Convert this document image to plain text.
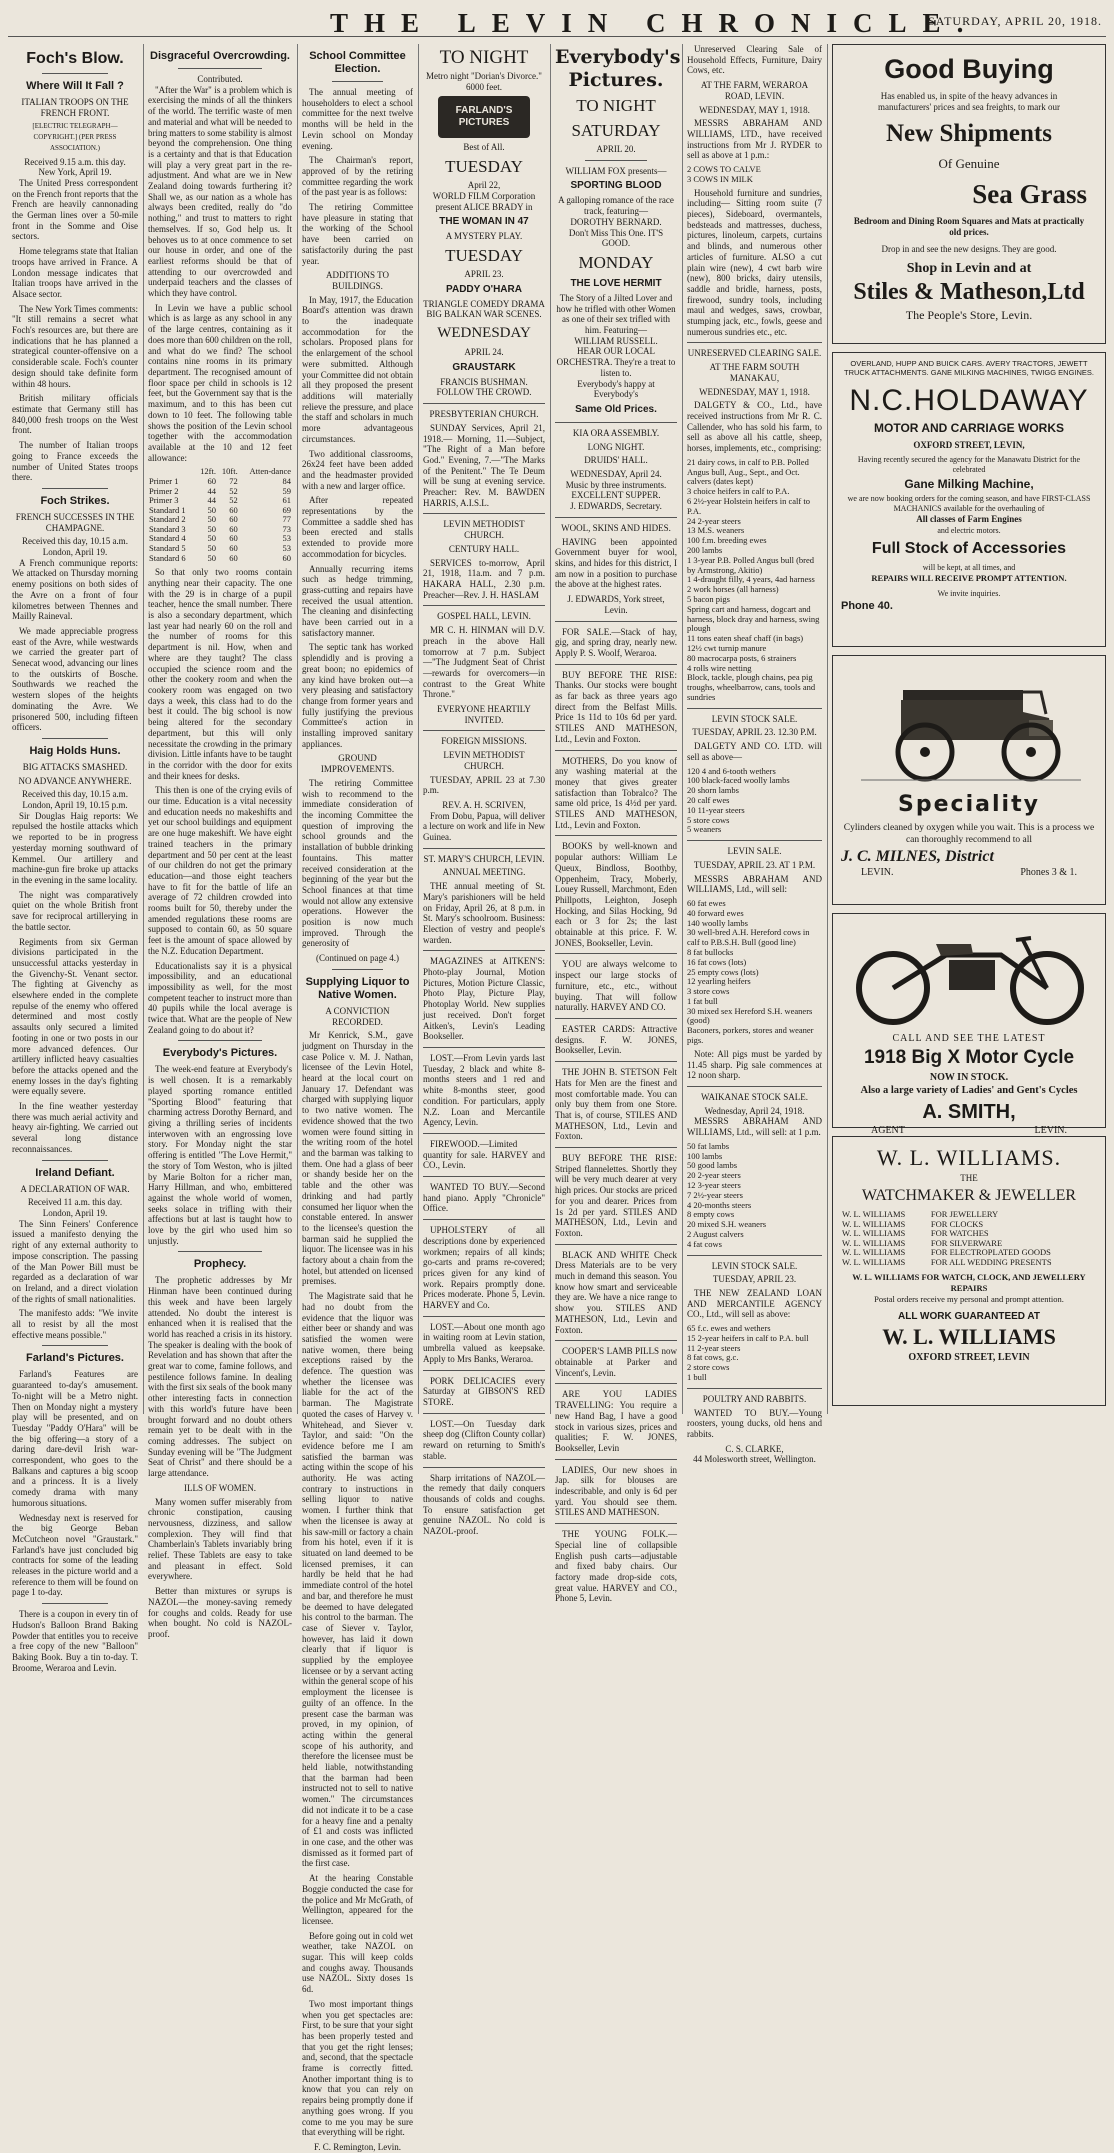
THE LEVIN CHRONICLE.
SATURDAY, APRIL 20, 1918.
Foch's Blow.
Where Will It Fall ?
ITALIAN TROOPS ON THE FRENCH FRONT.
[ELECTRIC TELEGRAPH—COPYRIGHT.] (PER PRESS ASSOCIATION.)
Received 9.15 a.m. this day.
New York, April 19.

The United Press correspondent on the French front reports that the French are heavily cannonading the German lines over a 50-mile front in the Somme and Oise sectors.

Home telegrams state that Italian troops have arrived in France. A London message indicates that Italian troops have arrived in the Alsace sector.

The New York Times comments: "It still remains a secret what Foch's resources are, but there are indications that he has planned a strategical counter-offensive on a considerable scale. Foch's counter design should take definite form within 48 hours.

British military officials estimate that Germany still has 840,000 fresh troops on the West front.

The number of Italian troops going to France exceeds the number of United States troops there.

Foch Strikes.
FRENCH SUCCESSES IN THE CHAMPAGNE.
Received this day, 10.15 a.m.
London, April 19.

A French communique reports: We attacked on Thursday morning enemy positions on both sides of the Avre on a front of four kilometres between Thennes and Mailly Raineval.

We made appreciable progress east of the Avre, while westwards we carried the greater part of Senecat wood, advancing our lines to the outskirts of Bosche. Southwards we reached the western slopes of the heights dominating the Avre. We prisonered 500, including fifteen officers.

Haig Holds Huns.
BIG ATTACKS SMASHED.
NO ADVANCE ANYWHERE.
Received this day, 10.15 a.m.
London, April 19, 10.15 p.m.

Sir Douglas Haig reports: We repulsed the hostile attacks which we reported to be in progress yesterday morning southward of Kemmel. Our artillery and machine-gun fire broke up attacks in the evening in the same locality.

The night was comparatively quiet on the whole British front save for reciprocal artillerying in the battle sector.

Regiments from six German divisions participated in the unsuccessful attacks yesterday in the Givenchy-St. Venant sector. The fighting at Givenchy as elsewhere ended in the complete repulse of the enemy who offered determined and most costly assaults only secured a limited footing in one or two posts in our more advanced defences. Our artillery inflicted heavy casualties before the attacks opened and the enemy losses in the day's fighting were equally severe.

In the fine weather yesterday there was much aerial activity and heavy air-fighting. We carried out several long distance reconnaissances.

Ireland Defiant.
A DECLARATION OF WAR.
Received 11 a.m. this day.
London, April 19.

The Sinn Feiners' Conference issued a manifesto denying the right of any external authority to impose conscription. The passing of the Man Power Bill must be regarded as a declaration of war on Ireland, and a direct violation of the rights of small nationalities.

The manifesto adds: "We invite all to resist by all the most effective means possible."

Farland's Pictures.

Farland's Features are guaranteed to-day's amusement. To-night will be a Metro night. Then on Monday night a mystery play will be presented, and on Tuesday "Paddy O'Hara" will be the big offering—a story of a daring dare-devil Irish war-correspondent, who goes to the Balkans and captures a big scoop and a princess. It is a lively comedy drama with many humorous situations.

Wednesday next is reserved for the big George Beban McCutcheon novel "Graustark." Farland's have just concluded big contracts for some of the leading releases in the picture world and a reference to them will be found on page 1 to-day.

There is a coupon in every tin of Hudson's Balloon Brand Baking Powder that entitles you to receive a free copy of the new "Balloon" Baking Book. Buy a tin to-day. T. Broome, Weraroa and Levin.

Disgraceful Overcrowding.
Contributed.

"After the War" is a problem which is exercising the minds of all the thinkers of the world. The terrific waste of men and material and what will be needed to bring matters to some stability is almost beyond the comprehension. One thing is a certainty and that is that Education will play a very great part in the re-adjustment. And what are we in New Zealand doing towards furthering it? Shall we, as our nation as a whole has always been credited, really do "do nothing," and trust to matters to right themselves. If so, God help us. It behoves us to at once commence to set our house in order, and one of the earliest reforms should be that of attending to our overcrowded and underpaid teachers and the classes of which they have control.

In Levin we have a public school which is as large as any school in any of the large centres, containing as it does more than 600 children on the roll, and what do we find? The school contains nine rooms in its primary department. The recognised amount of floor space per child in schools is 12 feet, but the Government say that is the maximum, and to this has been cut down to 10 feet. The following table shows the position of the Levin school together with the accommodation available at the 10 and 12 feet allowance:

	12ft.	10ft.	Atten-dance
Primer 1	60	72	84
Primer 2	44	52	59
Primer 3	44	52	61
Standard 1	50	60	69
Standard 2	50	60	77
Standard 3	50	60	73
Standard 4	50	60	53
Standard 5	50	60	53
Standard 6	50	60	60

So that only two rooms contain anything near their capacity. The one with the 29 is in charge of a pupil teacher, hence the small number. There is also a secondary department, which last year had nearly 60 on the roll and the number of rooms for this department is nil. How, when and where are they taught? The class occupied the science room and the other the cookery room and when the cookery room was engaged on two days a week, this class had to do the best it could. The big school is now being altered for the secondary department, but this will only necessitate the crowding in the primary division. Little infants have to be taught in the corridor with the door for exits and their knees for desks.

This then is one of the crying evils of our time. Education is a vital necessity and education needs no makeshifts and yet our school buildings and equipment are one huge makeshift. We have eight trained teachers in the primary department and 50 per cent at the least of our children do not get the primary education—and those eight teachers have to fit for the battle of life an average of 72 children crowded into rooms built for 50, thereby under the amended regulations these rooms are supposed to contain 60, as 50 square feet is the amount of space allowed by the N.Z. Education Department.

Educationalists say it is a physical impossibility, and an educational impossibility as well, for the most competent teacher to instruct more than 40 pupils while the local average is twice that. What are the people of New Zealand going to do about it?

Everybody's Pictures.

The week-end feature at Everybody's is well chosen. It is a remarkably played sporting romance entitled "Sporting Blood" featuring that charming actress Dorothy Bernard, and giving a thrilling series of incidents interwoven with an engrossing love story. For Monday night the star offering is entitled "The Love Hermit," the story of Tom Weston, who is jilted by Marie Bolton for a richer man, Harry Hillman, and who, embittered against the whole world of women, seeks solace in trifling with their affections but at last is taught how to love by the girl who used him so unjustly.

Prophecy.

The prophetic addresses by Mr Hinman have been continued during this week and have been largely attended. No doubt the interest is enhanced when it is realised that the world has reached a crisis in its history. The speaker is dealing with the book of Revelation and has shown that after the great war to come, famine follows, and pestilence follows famine. In dealing with the first six seals of the book many other interesting facts in connection with this world's future have been brought forward and no doubt others remain yet to be dealt with in the coming addresses. The subject on Sunday evening will be "The Judgment Seat of Christ" and there should be a large attendance.

ILLS OF WOMEN.

Many women suffer miserably from chronic constipation, causing nervousness, dizziness, and sallow complexion. They will find that Chamberlain's Tablets invariably bring relief. These Tablets are easy to take and pleasant in effect. Sold everywhere.

Better than mixtures or syrups is NAZOL—the money-saving remedy for coughs and colds. Ready for use when bought. No cold is NAZOL-proof.

School Committee Election.

The annual meeting of householders to elect a school committee for the next twelve months will be held in the Levin school on Monday evening.

The Chairman's report, approved of by the retiring committee regarding the work of the past year is as follows:

The retiring Committee have pleasure in stating that the working of the School have been carried on satisfactorily during the past year.

ADDITIONS TO BUILDINGS.

In May, 1917, the Education Board's attention was drawn to the inadequate accommodation for the scholars. Proposed plans for the enlargement of the school were submitted. Although your Committee did not obtain all they proposed the present additions will materially relieve the pressure, and place the staff and scholars in much more advantageous circumstances.

Two additional classrooms, 26x24 feet have been added and the headmaster provided with a new and larger office.

After repeated representations by the Committee a saddle shed has been erected and stalls extended to provide more accommodation for bicycles.

Annually recurring items such as hedge trimming, grass-cutting and repairs have received the usual attention. The cleaning and disinfecting have been carried out in a satisfactory manner.

The septic tank has worked splendidly and is proving a great boon; no epidemics of any kind have broken out—a very pleasing and satisfactory change from former years and fully justifying the previous Committee's action in installing improved sanitary appliances.

GROUND IMPROVEMENTS.

The retiring Committee wish to recommend to the immediate consideration of the incoming Committee the question of improving the school grounds and the installation of bubble drinking fountains. This matter received consideration at the beginning of the year but the School finances at that time would not allow any extensive operations. However the position is now much improved. Through the generosity of

(Continued on page 4.)
Supplying Liquor to Native Women.
A CONVICTION RECORDED.

Mr Kenrick, S.M., gave judgment on Thursday in the case Police v. M. J. Nathan, licensee of the Levin Hotel, heard at the local court on January 17. Defendant was charged with supplying liquor to two native women. The evidence showed that the two women were found sitting in the writing room of the hotel and the barman was talking to them. One had a glass of beer or shandy beside her on the table and the other was drinking and had partly consumed her liquor when the constable entered. In answer to the licensee's question the barman said he supplied the liquor. The licensee was in his factory about a chain from the hotel, but attended on licensed premises.

The Magistrate said that he had no doubt from the evidence that the liquor was either beer or shandy and was satisfied the women were native women, there being exceptions raised by the defence. The question was whether the licensee was liable for the act of the barman. The Magistrate quoted the cases of Harvey v. Whitehead, and Siever v. Taylor, and said: "On the evidence before me I am satisfied the barman was acting within the scope of his authority. He was acting contrary to instructions in selling liquor to native women. I further think that when the licensee is away at his saw-mill or factory a chain from his hotel, even if it is situated on land deemed to be licensed premises, it can hardly be held that he had immediate control of the hotel and bar, and therefore he must be deemed to have delegated his control to the barman. The case of Siever v. Taylor, however, has laid it down clearly that if liquor is supplied by the employee licensee or by a servant acting within the general scope of his employment the licensee is guilty of an offence. In the present case the barman was proved, in my opinion, of acting within the general scope of his authority, and therefore the licensee must be held liable, notwithstanding that the barman had been instructed not to sell to native women." The circumstances did not indicate it to be a case for a heavy fine and a penalty of £1 and costs was inflicted in one case, and the other was dismissed as it formed part of the first case.

At the hearing Constable Boggie conducted the case for the police and Mr McGrath, of Wellington, appeared for the licensee.

Before going out in cold wet weather, take NAZOL on sugar. This will keep colds and coughs away. Thousands use NAZOL. Sixty doses 1s 6d.

Two most important things when you get spectacles are: First, to be sure that your sight has been properly tested and that you get the right lenses; and, second, that the spectacle frame is correctly fitted. Another important thing is to know that you can rely on repairs being promptly done if anything goes wrong. If you come to me you may be sure that everything will be right.

F. C. Remington, Levin.
TO NIGHT
Metro night "Dorian's Divorce." 6000 feet.
FARLAND'S PICTURES
Best of All.
TUESDAY
April 22,
WORLD FILM Corporation present ALICE BRADY in
THE WOMAN IN 47
A MYSTERY PLAY.
TUESDAY
APRIL 23.
PADDY O'HARA
TRIANGLE COMEDY DRAMA BIG BALKAN WAR SCENES.
WEDNESDAY
APRIL 24.
GRAUSTARK
FRANCIS BUSHMAN.
FOLLOW THE CROWD.
PRESBYTERIAN CHURCH.

SUNDAY Services, April 21, 1918.— Morning, 11.—Subject, "The Right of a Man before God." Evening, 7.—"The Marks of the Penitent." The Te Deum will be sung at evening service. Preacher: Rev. M. BAWDEN HARRIS, A.I.S.L.

LEVIN METHODIST CHURCH.
CENTURY HALL.

SERVICES to-morrow, April 21, 1918, 11a.m. and 7 p.m. HAKARA HALL, 2.30 p.m. Preacher—Rev. J. H. HASLAM

GOSPEL HALL, LEVIN.

MR C. H. HINMAN will D.V. preach in the above Hall tomorrow at 7 p.m. Subject—"The Judgment Seat of Christ—rewards for overcomers—in contrast to the Great White Throne."

EVERYONE HEARTILY INVITED.
FOREIGN MISSIONS.
LEVIN METHODIST CHURCH.

TUESDAY, APRIL 23 at 7.30 p.m.

REV. A. H. SCRIVEN,

From Dobu, Papua, will deliver a lecture on work and life in New Guinea.

ST. MARY'S CHURCH, LEVIN.
ANNUAL MEETING.

THE annual meeting of St. Mary's parishioners will be held on Friday, April 26, at 8 p.m. in St. Mary's schoolroom. Business: Election of vestry and people's warden.

MAGAZINES at AITKEN'S: Photo-play Journal, Motion Pictures, Motion Picture Classic, Photo Play, Picture Play, Photoplay World. New supplies just received. Don't forget Aitken's, Levin's Leading Bookseller.

LOST.—From Levin yards last Tuesday, 2 black and white 8-months steers and 1 red and white 8-months steer, good condition. For particulars, apply N.Z. Loan and Mercantile Agency, Levin.

FIREWOOD.—Limited quantity for sale. HARVEY and CO., Levin.

WANTED TO BUY.—Second hand piano. Apply "Chronicle" Office.

UPHOLSTERY of all descriptions done by experienced workmen; repairs of all kinds; go-carts and prams re-covered; prices given for any kind of work. Repairs promptly done. Prices moderate. Phone 5, Levin. HARVEY and Co.

LOST.—About one month ago in waiting room at Levin station, umbrella valued as keepsake. Apply to Mrs Banks, Weraroa.

PORK DELICACIES every Saturday at GIBSON'S RED STORE.

LOST.—On Tuesday dark sheep dog (Clifton County collar) reward on returning to Smith's stable.

Sharp irritations of NAZOL—the remedy that daily conquers thousands of colds and coughs. To ensure satisfaction get genuine NAZOL. No cold is NAZOL-proof.

Everybody's Pictures.
TO NIGHT
SATURDAY
APRIL 20.
WILLIAM FOX presents—
SPORTING BLOOD
A galloping romance of the race track, featuring—
DOROTHY BERNARD.
Don't Miss This One. IT'S GOOD.
MONDAY
THE LOVE HERMIT
The Story of a Jilted Lover and how he trifled with other Women as one of their sex trifled with him. Featuring—
WILLIAM RUSSELL.
HEAR OUR LOCAL ORCHESTRA. They're a treat to listen to.
Everybody's happy at Everybody's
Same Old Prices.
KIA ORA ASSEMBLY.
LONG NIGHT.
DRUIDS' HALL.
WEDNESDAY, April 24.
Music by three instruments.
EXCELLENT SUPPER.
J. EDWARDS, Secretary.
WOOL, SKINS AND HIDES.

HAVING been appointed Government buyer for wool, skins, and hides for this district, I am now in a position to purchase the above at the highest rates.

J. EDWARDS, York street, Levin.

FOR SALE.—Stack of hay, gig, and spring dray, nearly new. Apply P. S. Woolf, Weraroa.

BUY BEFORE THE RISE: Thanks. Our stocks were bought as far back as three years ago direct from the Belfast Mills. Price 1s 11d to 10s 6d per yard. STILES AND MATHESON, Ltd., Levin and Foxton.

MOTHERS, Do you know of any washing material at the money that gives greater satisfaction than Tobralco? The same old price, 1s 4½d per yard. STILES AND MATHESON, Ltd., Levin and Foxton.

BOOKS by well-known and popular authors: William Le Queux, Bindloss, Boothby, Oppenheim, Tracy, Moberly, Louey Russell, Marchmont, Eden Phillpotts, Leighton, Joseph Hocking, and Silas Hocking, 9d each or 3 for 2s; the last obtainable at this price. F. W. JONES, Bookseller, Levin.

YOU are always welcome to inspect our large stocks of furniture, etc., etc., without buying. That will follow naturally. HARVEY AND CO.

EASTER CARDS: Attractive designs. F. W. JONES, Bookseller, Levin.

THE JOHN B. STETSON Felt Hats for Men are the finest and most comfortable made. You can only buy them from one Store. That is, of course, STILES AND MATHESON, Ltd., Levin and Foxton.

BUY BEFORE THE RISE: Striped flannelettes. Shortly they will be very much dearer at very high prices. Our stocks are priced for you and dearer. Prices from 1s 2d per yard. STILES AND MATHESON, Ltd., Levin and Foxton.

BLACK AND WHITE Check Dress Materials are to be very much in demand this season. You know how smart and serviceable they are. We have a nice range to show you. STILES AND MATHESON, Ltd., Levin and Foxton.

COOPER'S LAMB PILLS now obtainable at Parker and Vincent's, Levin.

ARE YOU LADIES TRAVELLING: You require a new Hand Bag, I have a good stock in various sizes, prices and qualities; F. W. JONES, Bookseller, Levin

LADIES, Our new shoes in Jap. silk for blouses are indescribable, and only is 6d per yard. You should see them. STILES AND MATHESON.

THE YOUNG FOLK.—Special line of collapsible English push carts—adjustable and fixed baby chairs. Our factory made drop-side cots, great value. HARVEY and CO., Phone 5, Levin.

Unreserved Clearing Sale of Household Effects, Furniture, Dairy Cows, etc.

AT THE FARM, WERAROA ROAD, LEVIN.
WEDNESDAY, MAY 1, 1918.

MESSRS ABRAHAM AND WILLIAMS, LTD., have received instructions from Mr J. RYDER to sell as above at 1 p.m.:

2 COWS TO CALVE
3 COWS IN MILK

Household furniture and sundries, including— Sitting room suite (7 pieces), Sideboard, overmantels, bedsteads and mattresses, duchess, pictures, linoleum, carpets, curtains and blinds, and numerous other articles of furniture. ALSO a cut plain wire (new), 4 cwt barb wire (new), 800 bricks, dairy utensils, saddle and bridle, harness, posts, firewood, sundry tools, including maul and wedges, saws, crowbar, stumping jack, etc., fowls, geese and numerous sundries etc., etc.

UNRESERVED CLEARING SALE.
AT THE FARM SOUTH MANAKAU,
WEDNESDAY, MAY 1, 1918.

DALGETY & CO., Ltd., have received instructions from Mr R. C. Callender, who has sold his farm, to sell as above all his cattle, sheep, horses, implements, etc., comprising:

21 dairy cows, in calf to P.B. Polled Angus bull, Aug., Sept., and Oct. calvers (dates kept)
3 choice heifers in calf to P.A.
6 2½-year Holstein heifers in calf to P.A.
24 2-year steers
13 M.S. weaners
100 f.m. breeding ewes
200 lambs
1 3-year P.B. Polled Angus bull (bred by Armstrong, Akitio)
1 4-draught filly, 4 years, 4ad harness
2 work horses (all harness)
5 bacon pigs
Spring cart and harness, dogcart and harness, block dray and harness, swing plough
11 tons eaten sheaf chaff (in bags)
12½ cwt turnip manure
80 macrocarpa posts, 6 strainers
4 rolls wire netting
Block, tackle, plough chains, pea pig troughs, wheelbarrow, cans, tools and sundries
LEVIN STOCK SALE.
TUESDAY, APRIL 23. 12.30 P.M.

DALGETY AND CO. LTD. will sell as above—

120 4 and 6-tooth wethers
100 black-faced woolly lambs
20 shorn lambs
20 calf ewes
10 11-year steers
5 store cows
5 weaners
LEVIN SALE.
TUESDAY, APRIL 23. AT 1 P.M.

MESSRS ABRAHAM AND WILLIAMS, Ltd., will sell:

60 fat ewes
40 forward ewes
140 woolly lambs
30 well-bred A.H. Hereford cows in calf to P.B.S.H. Bull (good line)
8 fat bullocks
16 fat cows (lots)
25 empty cows (lots)
12 yearling heifers
3 store cows
1 fat bull
30 mixed sex Hereford S.H. weaners (good)
Baconers, porkers, stores and weaner pigs.

Note: All pigs must be yarded by 11.45 sharp. Pig sale commences at 12 noon sharp.

WAIKANAE STOCK SALE.
Wednesday, April 24, 1918.

MESSRS ABRAHAM AND WILLIAMS, Ltd., will sell: at 1 p.m.

50 fat lambs
100 lambs
50 good lambs
20 2-year steers
12 3-year steers
7 2½-year steers
4 20-months steers
8 empty cows
20 mixed S.H. weaners
2 August calvers
4 fat cows
LEVIN STOCK SALE.
TUESDAY, APRIL 23.

THE NEW ZEALAND LOAN AND MERCANTILE AGENCY CO., Ltd., will sell as above:

65 f.c. ewes and wethers
15 2-year heifers in calf to P.A. bull
11 2-year steers
8 fat cows, g.c.
2 store cows
1 bull
POULTRY AND RABBITS.

WANTED TO BUY.—Young roosters, young ducks, old hens and rabbits.

C. S. CLARKE,
44 Molesworth street, Wellington.
Good Buying
Has enabled us, in spite of the heavy advances in manufacturers' prices and sea freights, to mark our
New Shipments
Of Genuine
Sea Grass
Bedroom and Dining Room Squares and Mats at practically old prices.
Drop in and see the new designs. They are good.
Shop in Levin and at
Stiles & Matheson,Ltd
The People's Store, Levin.
OVERLAND, HUPP AND BUICK CARS. AVERY TRACTORS, JEWETT TRUCK ATTACHMENTS. GANE MILKING MACHINES, TWIGG ENGINES.
N.C.HOLDAWAY
MOTOR AND CARRIAGE WORKS
OXFORD STREET, LEVIN,
Having recently secured the agency for the Manawatu District for the celebrated
Gane Milking Machine,
we are now booking orders for the coming season, and have FIRST-CLASS MACHANICS available for the overhauling of
All classes of Farm Engines
and electric motors.
Full Stock of Accessories
will be kept, at all times, and
REPAIRS WILL RECEIVE PROMPT ATTENTION.
We invite inquiries.
Phone 40.
Speciality
Cylinders cleaned by oxygen while you wait. This is a process we can thoroughly recommend to all
J. C. MILNES, District
LEVIN.	Phones 3 & 1.
CALL AND SEE THE LATEST
1918 Big X Motor Cycle
NOW IN STOCK.
Also a large variety of Ladies' and Gent's Cycles
A. SMITH,
AGENT	LEVIN.
W. L. WILLIAMS.
THE
WATCHMAKER & JEWELLER
W. L. WILLIAMS	FOR JEWELLERY
W. L. WILLIAMS	FOR CLOCKS
W. L. WILLIAMS	FOR WATCHES
W. L. WILLIAMS	FOR SILVERWARE
W. L. WILLIAMS	FOR ELECTROPLATED GOODS
W. L. WILLIAMS	FOR ALL WEDDING PRESENTS
W. L. WILLIAMS FOR WATCH, CLOCK, AND JEWELLERY REPAIRS
Postal orders receive my personal and prompt attention.
ALL WORK GUARANTEED AT
W. L. WILLIAMS
OXFORD STREET, LEVIN
